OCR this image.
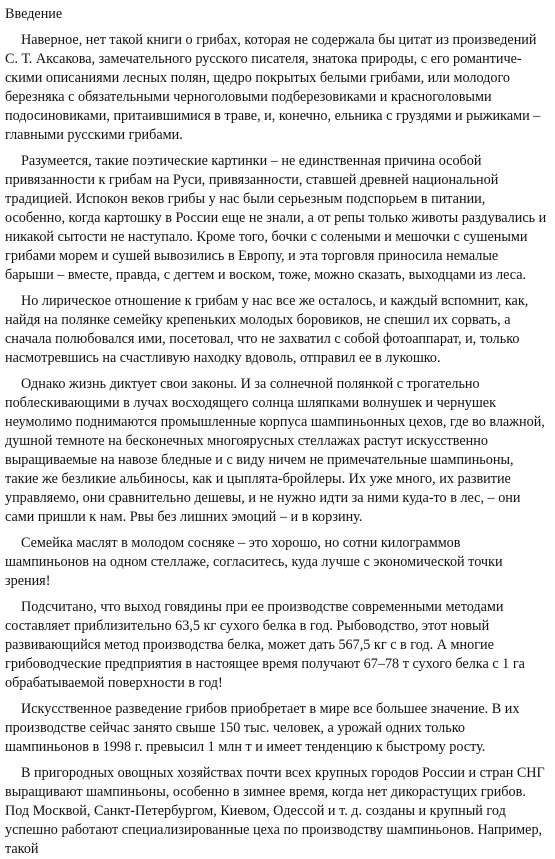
Введение

Наверное, нет такой книги о грибах, которая не содержала бы цитат из произведений С. Т. Аксакова, замечательного русского писателя, знатока природы, с его романтиче-скими описаниями лесных полян, щедро покрытых белыми грибами, или молодого березняка с обязательными черноголовыми подберезовиками и красноголовыми подосиновиками, притаившимися в траве, и, конечно, ельника с груздями и рыжиками – главными русскими грибами.

Разумеется, такие поэтические картинки – не единственная причина особой привязанности к грибам на Руси, привязанности, ставшей древней национальной традицией. Испокон веков грибы у нас были серьезным подспорьем в питании, особенно, когда картошку в России еще не знали, а от репы только животы раздувались и никакой сытости не наступало. Кроме того, бочки с солеными и мешочки с сушеными грибами морем и сушей вывозились в Европу, и эта торговля приносила немалые барыши – вместе, правда, с дегтем и воском, тоже, можно сказать, выходцами из леса.

Но лирическое отношение к грибам у нас все же осталось, и каждый вспомнит, как, найдя на полянке семейку крепеньких молодых боровиков, не спешил их сорвать, а сначала полюбовался ими, посетовал, что не захватил с собой фотоаппарат, и, только насмотревшись на счастливую находку вдоволь, отправил ее в лукошко.

Однако жизнь диктует свои законы. И за солнечной полянкой с трогательно поблескивающими в лучах восходящего солнца шляпками волнушек и чернушек неумолимо поднимаются промышленные корпуса шампиньонных цехов, где во влажной, душной темноте на бесконечных многоярусных стеллажах растут искусственно выращиваемые на навозе бледные и с виду ничем не примечательные шампиньоны, такие же безликие альбиносы, как и цыплята-бройлеры. Их уже много, их развитие управляемо, они сравнительно дешевы, и не нужно идти за ними куда-то в лес, – они сами пришли к нам. Рвы без лишних эмоций – и в корзину.

Семейка маслят в молодом сосняке – это хорошо, но сотни килограммов шампиньонов на одном стеллаже, согласитесь, куда лучше с экономической точки зрения!

Подсчитано, что выход говядины при ее производстве современными методами составляет приблизительно 63,5 кг сухого белка в год. Рыбоводство, этот новый развивающийся метод производства белка, может дать 567,5 кг с в год. А многие грибоводческие предприятия в настоящее время получают 67–78 т сухого белка с 1 га обрабатываемой поверхности в год!

Искусственное разведение грибов приобретает в мире все большее значение. В их производстве сейчас занято свыше 150 тыс. человек, а урожай одних только шампиньонов в 1998 г. превысил 1 млн т и имеет тенденцию к быстрому росту.

В пригородных овощных хозяйствах почти всех крупных городов России и стран СНГ выращивают шампиньоны, особенно в зимнее время, когда нет дикорастущих грибов. Под Москвой, Санкт-Петербургом, Киевом, Одессой и т. д. созданы и крупный год успешно работают специализированные цеха по производству шампиньонов. Например, такой
